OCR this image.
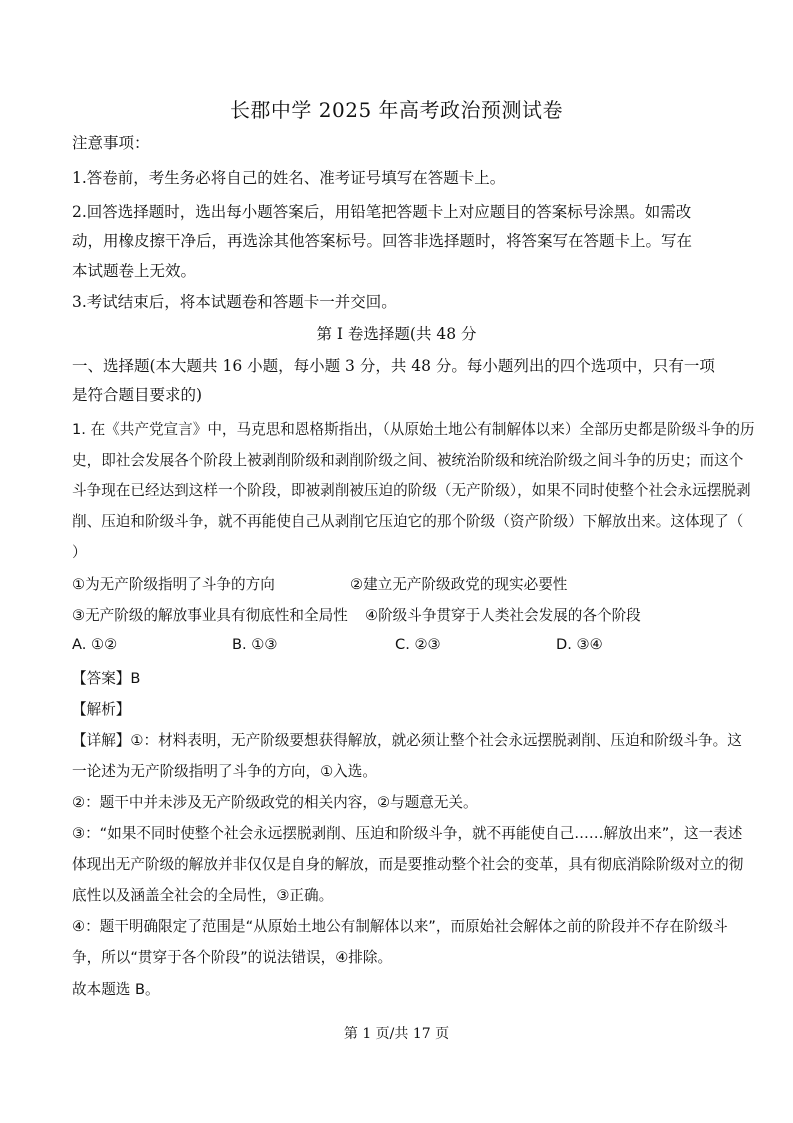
长郡中学 2025 年高考政治预测试卷
注意事项：
1.答卷前，考生务必将自己的姓名、准考证号填写在答题卡上。
2.回答选择题时，选出每小题答案后，用铅笔把答题卡上对应题目的答案标号涂黑。如需改
动，用橡皮擦干净后，再选涂其他答案标号。回答非选择题时，将答案写在答题卡上。写在
本试题卷上无效。
3.考试结束后，将本试题卷和答题卡一并交回。
第 I 卷选择题(共 48 分
一、选择题(本大题共 16 小题，每小题 3 分，共 48 分。每小题列出的四个选项中，只有一项
是符合题目要求的)
1. 在《共产党宣言》中，马克思和恩格斯指出，（从原始土地公有制解体以来）全部历史都是阶级斗争的历
史，即社会发展各个阶段上被剥削阶级和剥削阶级之间、被统治阶级和统治阶级之间斗争的历史；而这个
斗争现在已经达到这样一个阶段，即被剥削被压迫的阶级（无产阶级），如果不同时使整个社会永远摆脱剥
削、压迫和阶级斗争，就不再能使自己从剥削它压迫它的那个阶级（资产阶级）下解放出来。这体现了（
）
①为无产阶级指明了斗争的方向	②建立无产阶级政党的现实必要性
③无产阶级的解放事业具有彻底性和全局性 ④阶级斗争贯穿于人类社会发展的各个阶段
A. ①②	B. ①③	C. ②③	D. ③④
【答案】B
【解析】
【详解】①：材料表明，无产阶级要想获得解放，就必须让整个社会永远摆脱剥削、压迫和阶级斗争。这
一论述为无产阶级指明了斗争的方向，①入选。
②：题干中并未涉及无产阶级政党的相关内容，②与题意无关。
③：“如果不同时使整个社会永远摆脱剥削、压迫和阶级斗争，就不再能使自己……解放出来”，这一表述
体现出无产阶级的解放并非仅仅是自身的解放，而是要推动整个社会的变革，具有彻底消除阶级对立的彻
底性以及涵盖全社会的全局性，③正确。
④：题干明确限定了范围是“从原始土地公有制解体以来”，而原始社会解体之前的阶段并不存在阶级斗
争，所以“贯穿于各个阶段”的说法错误，④排除。
故本题选 B。
第 1 页/共 17 页
